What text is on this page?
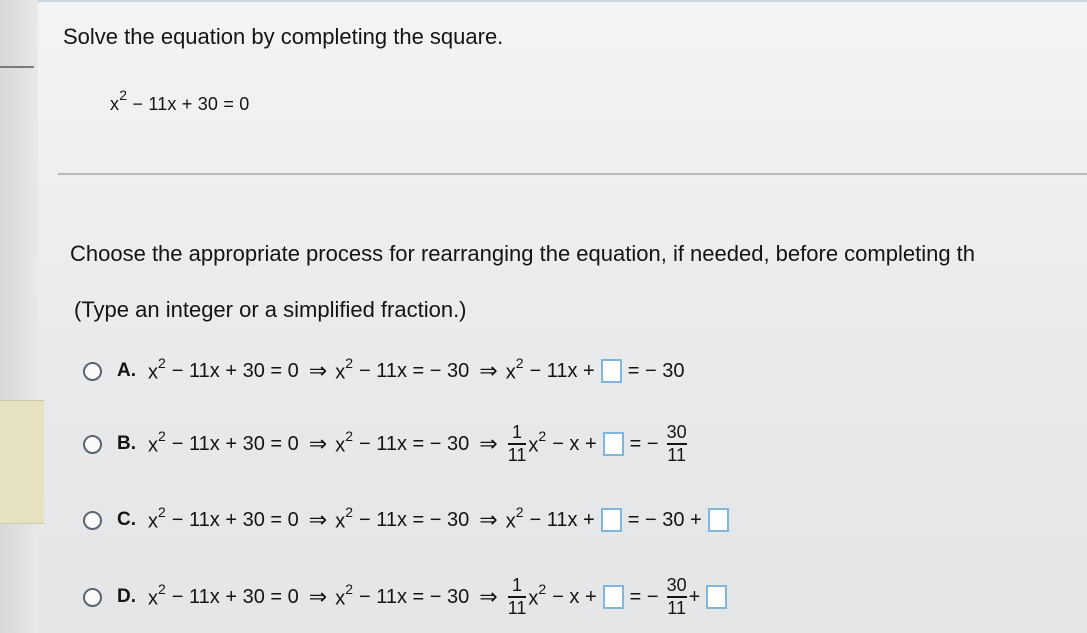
Solve the equation by completing the square.
$x^2 - 11x + 30 = 0$
Choose the appropriate process for rearranging the equation, if needed, before completing th
(Type an integer or a simplified fraction.)
A. $x^2 - 11x + 30 = 0$ ⇒ $x^2 - 11x$ = − 30 ⇒ $x^2 - 11x$ + = − 30
B. $x^2 - 11x + 30 = 0$ ⇒ $x^2 - 11x$ = − 30 ⇒ $\frac{1}{11} x^2 - x$ + = − $\frac{30}{11}$
C. $x^2 - 11x + 30 = 0$ ⇒ $x^2 - 11x$ = − 30 ⇒ $x^2 - 11x$ + = − 30 +
D. $x^2 - 11x + 30 = 0$ ⇒ $x^2 - 11x$ = − 30 ⇒ $\frac{1}{11} x^2 - x$ + = − $\frac{30}{11}$ +
